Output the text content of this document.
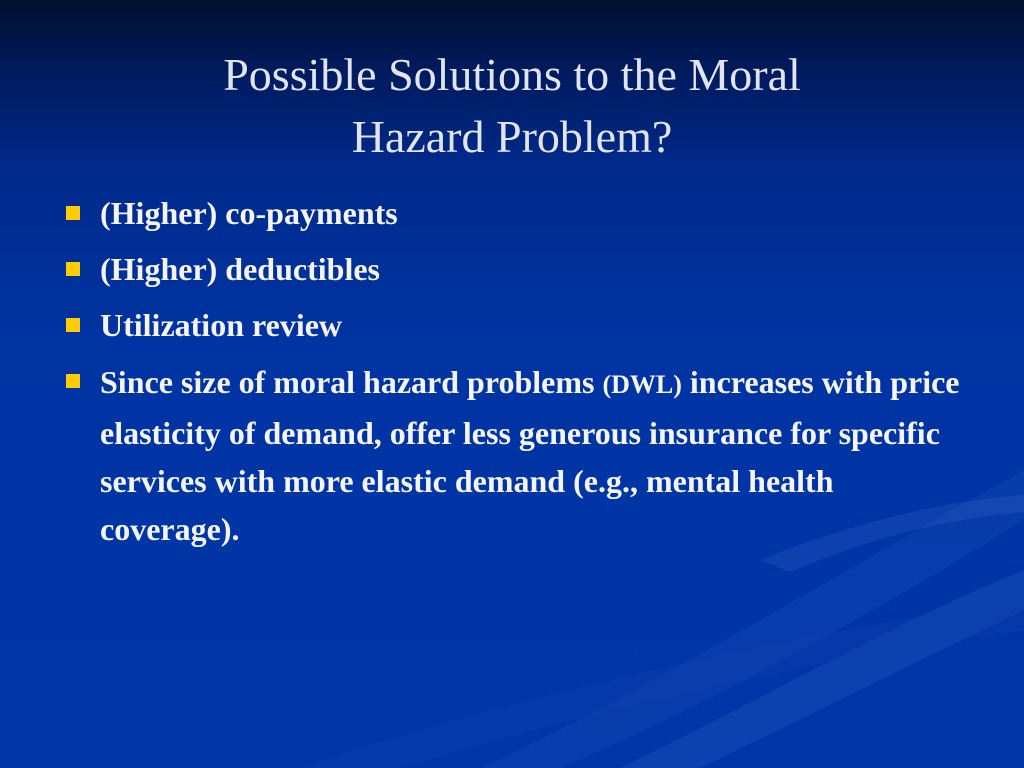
Possible Solutions to the Moral
Hazard Problem?
(Higher) co-payments
(Higher) deductibles
Utilization review
Since size of moral hazard problems (DWL) increases with price elasticity of demand, offer less generous insurance for specific services with more elastic demand (e.g., mental health coverage).
